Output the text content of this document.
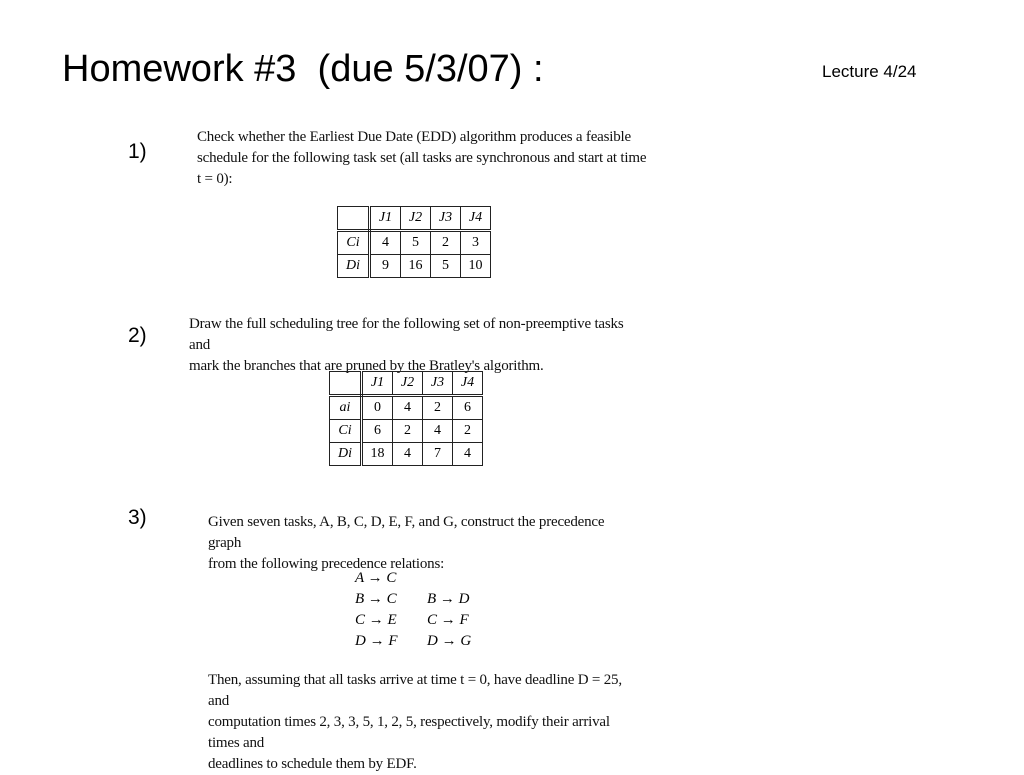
Homework #3  (due 5/3/07) :	Lecture 4/24
1)

Check whether the Earliest Due Date (EDD) algorithm produces a feasible

schedule for the following task set (all tasks are synchronous and start at time

t = 0):

	J1	J2	J3	J4
Ci	4	5	2	3
Di	9	16	5	10
2)	Draw the full scheduling tree for the following set of non-preemptive tasks and

mark the branches that are pruned by the Bratley's algorithm.

	J1	J2	J3	J4
ai	0	4	2	6
Ci	6	2	4	2
Di	18	4	7	4
3)	Given seven tasks, A, B, C, D, E, F, and G, construct the precedence graph

from the following precedence relations:

A → C
B → C B → D
C → E C → F
D → F D → G

Then, assuming that all tasks arrive at time t = 0, have deadline D = 25, and

computation times 2, 3, 3, 5, 1, 2, 5, respectively, modify their arrival times and

deadlines to schedule them by EDF.
